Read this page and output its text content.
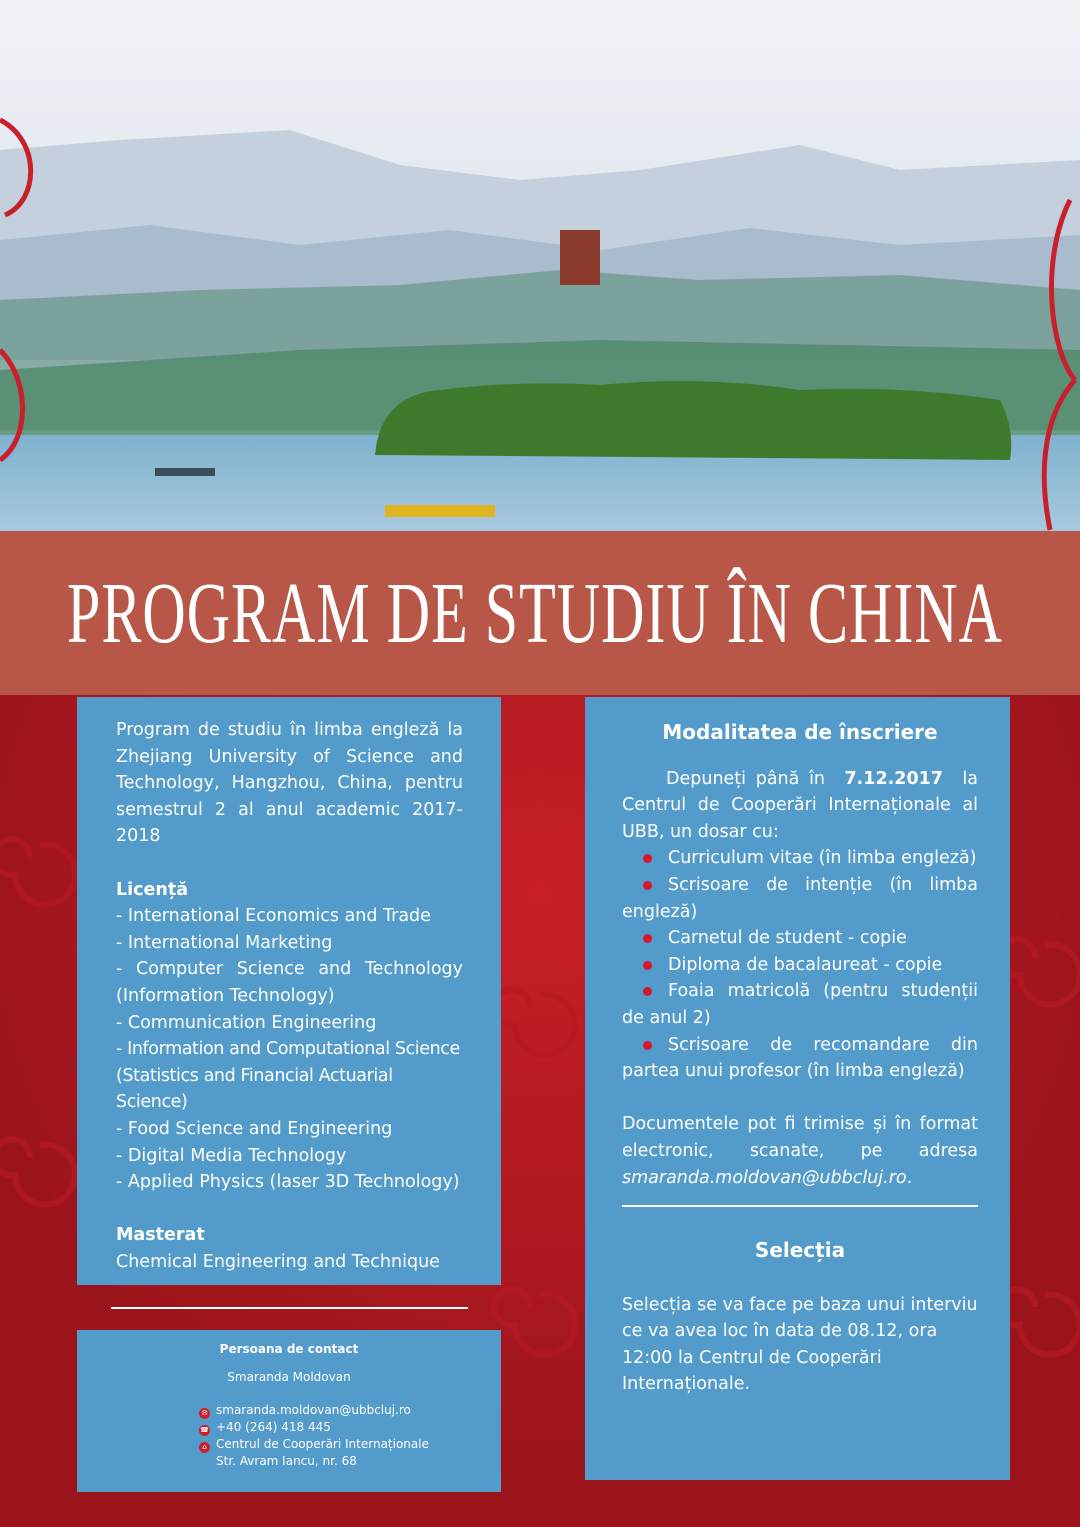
PROGRAM DE STUDIU ÎN CHINA

Program de studiu în limba engleză la Zhejiang University of Science and Technology, Hangzhou, China, pentru semestrul 2 al anul academic 2017-2018

Licență

- International Economics and Trade

- International Marketing

- Computer Science and Technology (Information Technology)

- Communication Engineering

- Information and Computational Science (Statistics and Financial Actuarial Science)

- Food Science and Engineering

- Digital Media Technology

- Applied Physics (laser 3D Technology)

Masterat

Chemical Engineering and Technique

Persoana de contact

Smaranda Moldovan

✉ smaranda.moldovan@ubbcluj.ro
☎ +40 (264) 418 445
⌂ Centrul de Cooperări Internaționale
Str. Avram Iancu, nr. 68
Modalitatea de înscriere

Depuneți până în 7.12.2017 la Centrul de Cooperări Internaționale al UBB, un dosar cu:

Curriculum vitae (în limba engleză)

Scrisoare de intenție (în limba engleză)

Carnetul de student - copie

Diploma de bacalaureat - copie

Foaia matricolă (pentru studenții de anul 2)

Scrisoare de recomandare din partea unui profesor (în limba engleză)

Documentele pot fi trimise și în format electronic, scanate, pe adresa smaranda.moldovan@ubbcluj.ro.

Selecția

Selecția se va face pe baza unui interviu ce va avea loc în data de 08.12, ora 12:00 la Centrul de Cooperări Internaționale.
